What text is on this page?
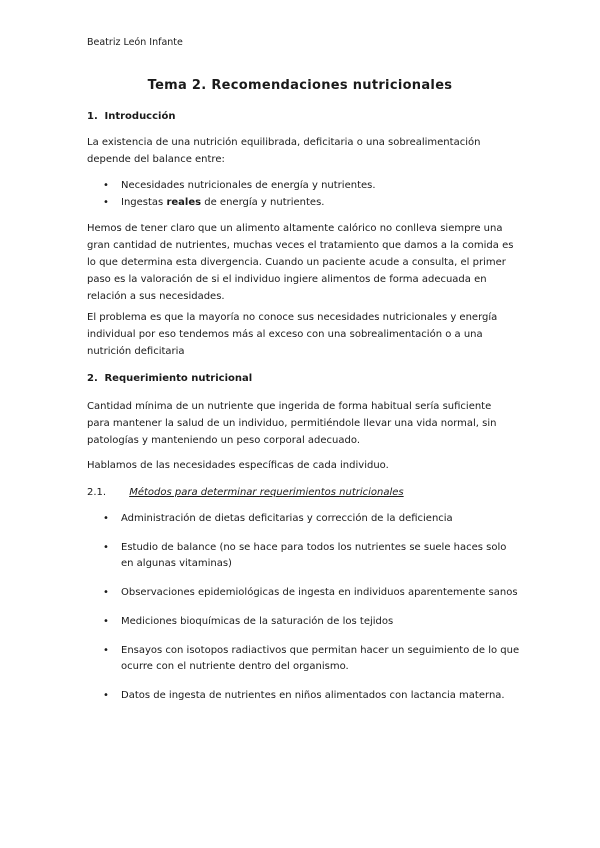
Beatriz León Infante
Tema 2. Recomendaciones nutricionales
1. Introducción

La existencia de una nutrición equilibrada, deficitaria o una sobrealimentación depende del balance entre:

• Necesidades nutricionales de energía y nutrientes.
• Ingestas reales de energía y nutrientes.

Hemos de tener claro que un alimento altamente calórico no conlleva siempre una gran cantidad de nutrientes, muchas veces el tratamiento que damos a la comida es lo que determina esta divergencia. Cuando un paciente acude a consulta, el primer paso es la valoración de si el individuo ingiere alimentos de forma adecuada en relación a sus necesidades.

El problema es que la mayoría no conoce sus necesidades nutricionales y energía individual por eso tendemos más al exceso con una sobrealimentación o a una nutrición deficitaria

2. Requerimiento nutricional

Cantidad mínima de un nutriente que ingerida de forma habitual sería suficiente para mantener la salud de un individuo, permitiéndole llevar una vida normal, sin patologías y manteniendo un peso corporal adecuado.

Hablamos de las necesidades específicas de cada individuo.

2.1. Métodos para determinar requerimientos nutricionales
• Administración de dietas deficitarias y corrección de la deficiencia
• Estudio de balance (no se hace para todos los nutrientes se suele haces solo en algunas vitaminas)
• Observaciones epidemiológicas de ingesta en individuos aparentemente sanos
• Mediciones bioquímicas de la saturación de los tejidos
• Ensayos con isotopos radiactivos que permitan hacer un seguimiento de lo que ocurre con el nutriente dentro del organismo.
• Datos de ingesta de nutrientes en niños alimentados con lactancia materna.
